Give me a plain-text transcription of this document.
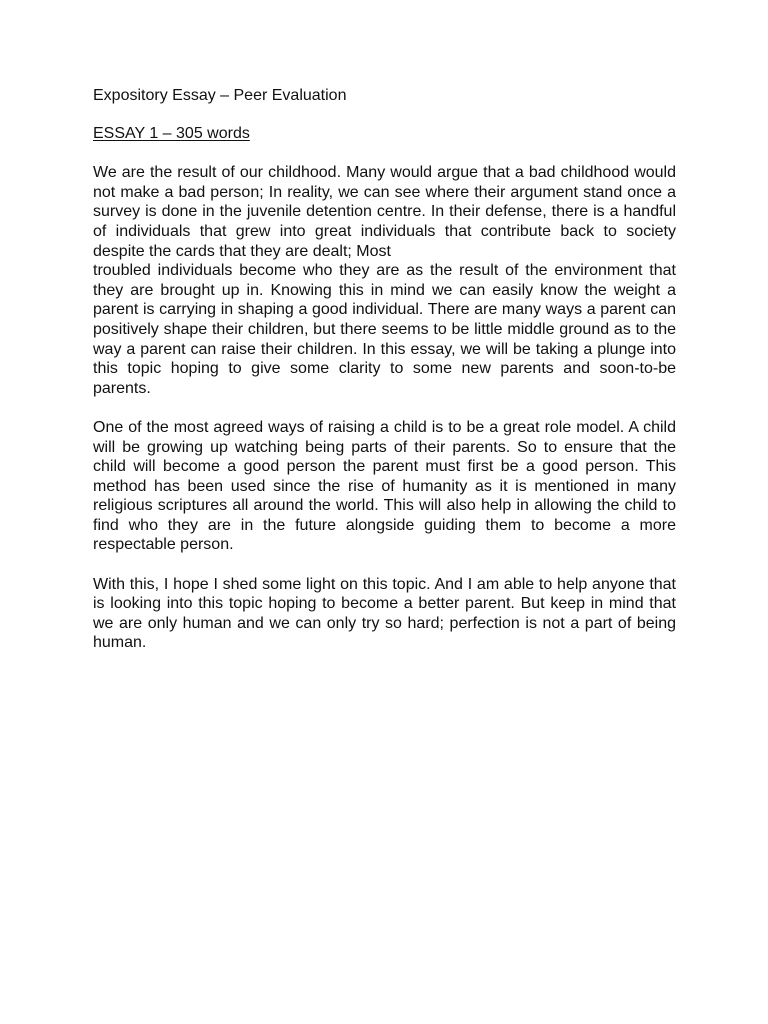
Expository Essay – Peer Evaluation

ESSAY 1 – 305 words

We are the result of our childhood. Many would argue that a bad childhood would not make a bad person; In reality, we can see where their argument stand once a survey is done in the juvenile detention centre. In their defense, there is a handful of individuals that grew into great individuals that contribute back to society despite the cards that they are dealt; Most

troubled individuals become who they are as the result of the environment that they are brought up in. Knowing this in mind we can easily know the weight a parent is carrying in shaping a good individual. There are many ways a parent can positively shape their children, but there seems to be little middle ground as to the way a parent can raise their children. In this essay, we will be taking a plunge into this topic hoping to give some clarity to some new parents and soon-to-be parents.

One of the most agreed ways of raising a child is to be a great role model. A child will be growing up watching being parts of their parents. So to ensure that the child will become a good person the parent must first be a good person. This method has been used since the rise of humanity as it is mentioned in many religious scriptures all around the world. This will also help in allowing the child to find who they are in the future alongside guiding them to become a more respectable person.

With this, I hope I shed some light on this topic. And I am able to help anyone that is looking into this topic hoping to become a better parent. But keep in mind that we are only human and we can only try so hard; perfection is not a part of being human.
